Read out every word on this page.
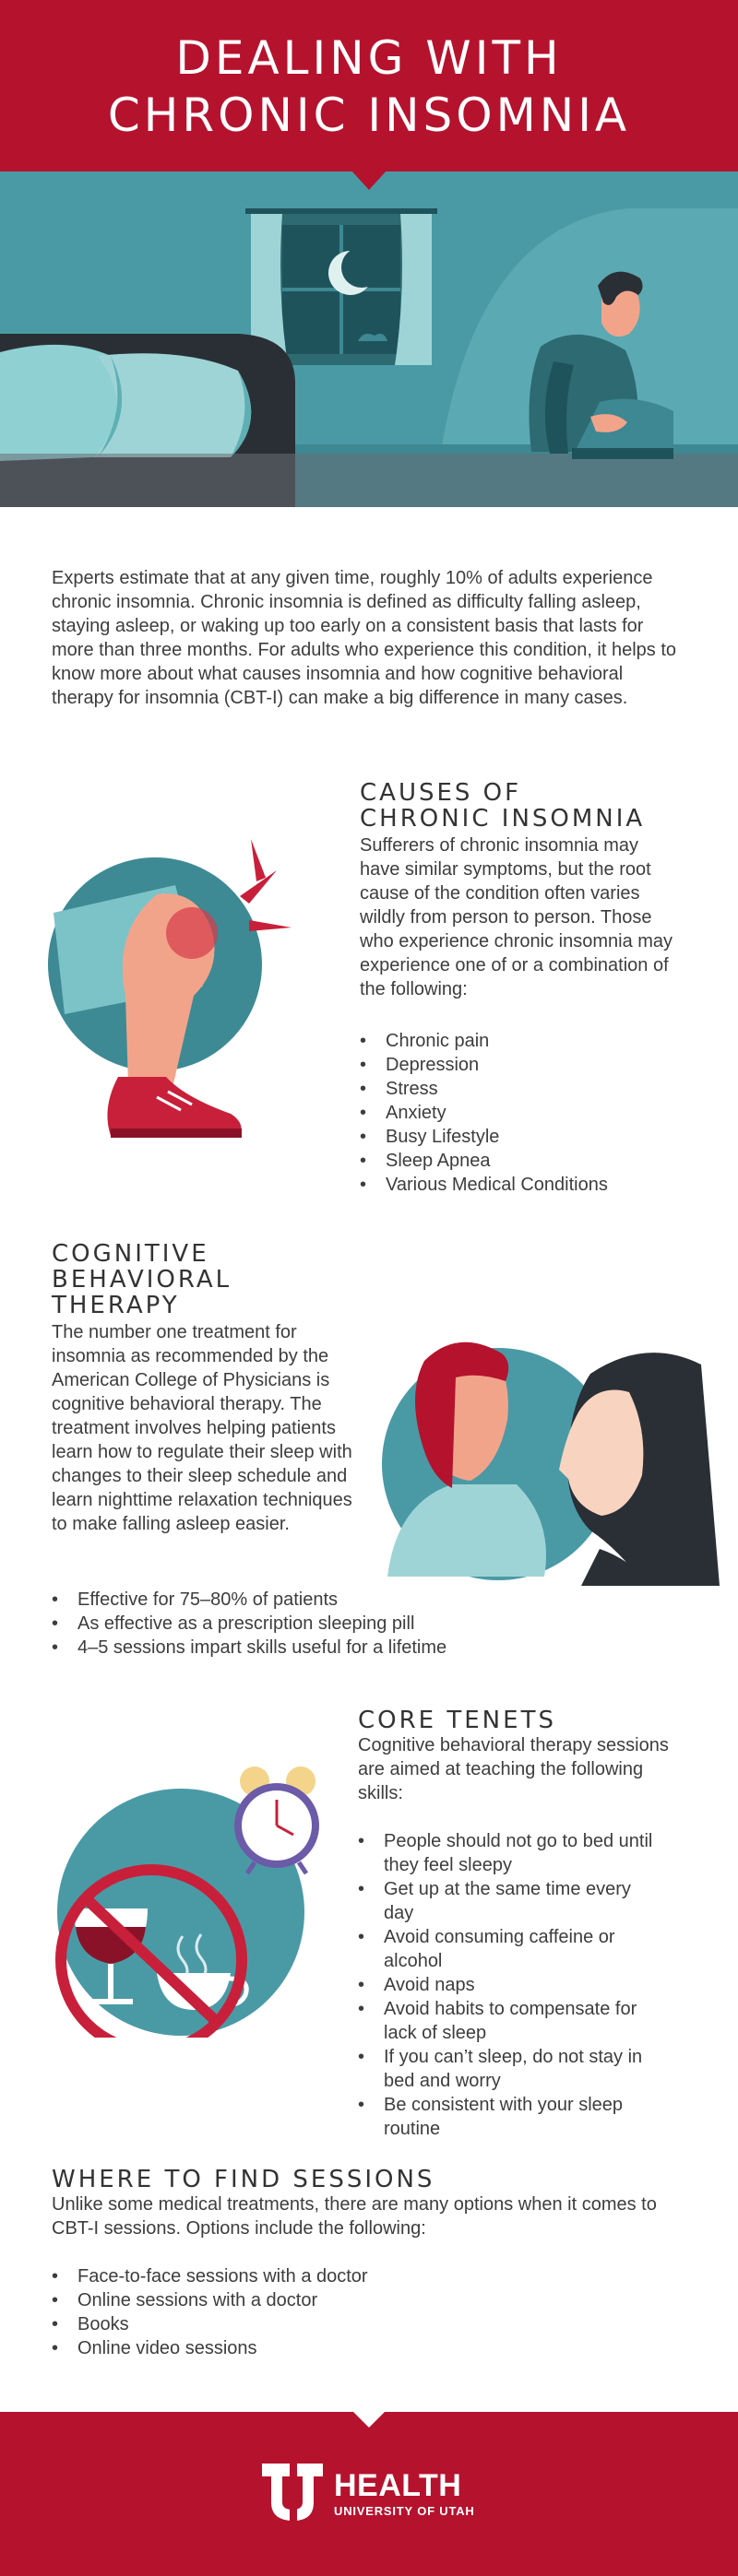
DEALING WITH
CHRONIC INSOMNIA

Experts estimate that at any given time, roughly 10% of adults experience chronic insomnia. Chronic insomnia is defined as difficulty falling asleep, staying asleep, or waking up too early on a consistent basis that lasts for more than three months. For adults who experience this condition, it helps to know more about what causes insomnia and how cognitive behavioral therapy for insomnia (CBT-I) can make a big difference in many cases.

CAUSES OF
CHRONIC INSOMNIA

Sufferers of chronic insomnia may have similar symptoms, but the root cause of the condition often varies wildly from person to person. Those who experience chronic insomnia may experience one of or a combination of the following:

• Chronic pain
• Depression
• Stress
• Anxiety
• Busy Lifestyle
• Sleep Apnea
• Various Medical Conditions
COGNITIVE
BEHAVIORAL
THERAPY

The number one treatment for insomnia as recommended by the American College of Physicians is cognitive behavioral therapy. The treatment involves helping patients learn how to regulate their sleep with changes to their sleep schedule and learn nighttime relaxation techniques to make falling asleep easier.

• Effective for 75–80% of patients
• As effective as a prescription sleeping pill
• 4–5 sessions impart skills useful for a lifetime
CORE TENETS

Cognitive behavioral therapy sessions are aimed at teaching the following skills:

• People should not go to bed until they feel sleepy
• Get up at the same time every day
• Avoid consuming caffeine or alcohol
• Avoid naps
• Avoid habits to compensate for lack of sleep
• If you can’t sleep, do not stay in bed and worry
• Be consistent with your sleep routine
WHERE TO FIND SESSIONS

Unlike some medical treatments, there are many options when it comes to CBT-I sessions. Options include the following:

• Face-to-face sessions with a doctor
• Online sessions with a doctor
• Books
• Online video sessions
HEALTH
UNIVERSITY OF UTAH
